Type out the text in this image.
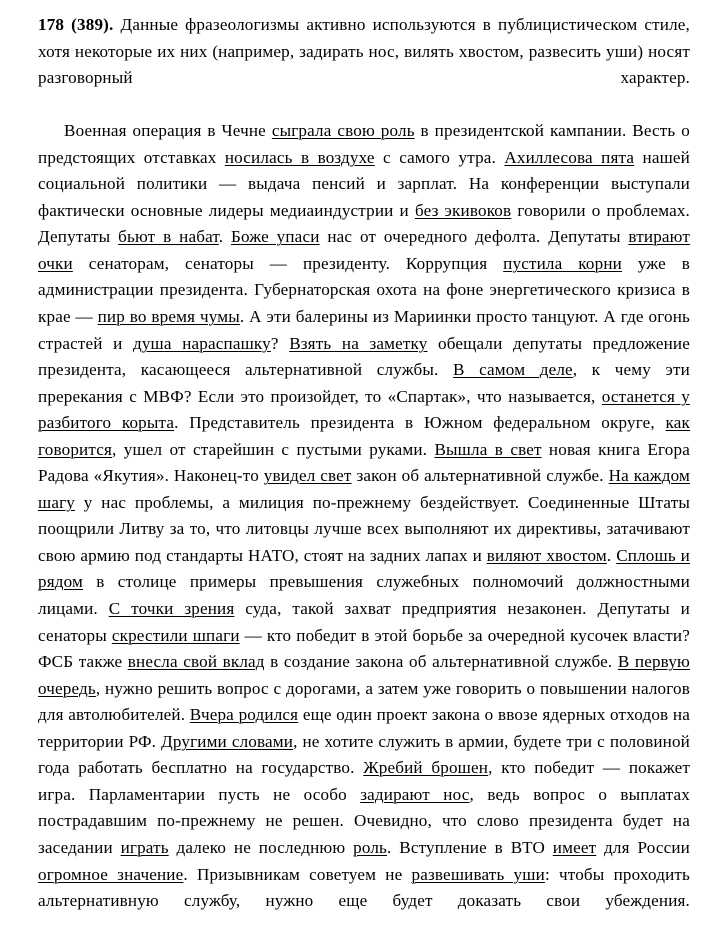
178 (389). Данные фразеологизмы активно используются в публицистическом стиле, хотя некоторые их них (например, задирать нос, вилять хвостом, развесить уши) носят разговорный характер.

Военная операция в Чечне сыграла свою роль в президентской кампании. Весть о предстоящих отставках носилась в воздухе с самого утра. Ахиллесова пята нашей социальной политики — выдача пенсий и зарплат. На конференции выступали фактически основные лидеры медиаиндустрии и без экивоков говорили о проблемах. Депутаты бьют в набат. Боже упаси нас от очередного дефолта. Депутаты втирают очки сенаторам, сенаторы — президенту. Коррупция пустила корни уже в администрации президента. Губернаторская охота на фоне энергетического кризиса в крае — пир во время чумы. А эти балерины из Мариинки просто танцуют. А где огонь страстей и душа нараспашку? Взять на заметку обещали депутаты предложение президента, касающееся альтернативной службы. В самом деле, к чему эти пререкания с МВФ? Если это произойдет, то «Спартак», что называется, останется у разбитого корыта. Представитель президента в Южном федеральном округе, как говорится, ушел от старейшин с пустыми руками. Вышла в свет новая книга Егора Радова «Якутия». Наконец-то увидел свет закон об альтернативной службе. На каждом шагу у нас проблемы, а милиция по-прежнему бездействует. Соединенные Штаты поощрили Литву за то, что литовцы лучше всех выполняют их директивы, затачивают свою армию под стандарты НАТО, стоят на задних лапах и виляют хвостом. Сплошь и рядом в столице примеры превышения служебных полномочий должностными лицами. С точки зрения суда, такой захват предприятия незаконен. Депутаты и сенаторы скрестили шпаги — кто победит в этой борьбе за очередной кусочек власти? ФСБ также внесла свой вклад в создание закона об альтернативной службе. В первую очередь, нужно решить вопрос с дорогами, а затем уже говорить о повышении налогов для автолюбителей. Вчера родился еще один проект закона о ввозе ядерных отходов на территории РФ. Другими словами, не хотите служить в армии, будете три с половиной года работать бесплатно на государство. Жребий брошен, кто победит — покажет игра. Парламентарии пусть не особо задирают нос, ведь вопрос о выплатах пострадавшим по-прежнему не решен. Очевидно, что слово президента будет на заседании играть далеко не последнюю роль. Вступление в ВТО имеет для России огромное значение. Призывникам советуем не развешивать уши: чтобы проходить альтернативную службу, нужно еще будет доказать свои убеждения.
